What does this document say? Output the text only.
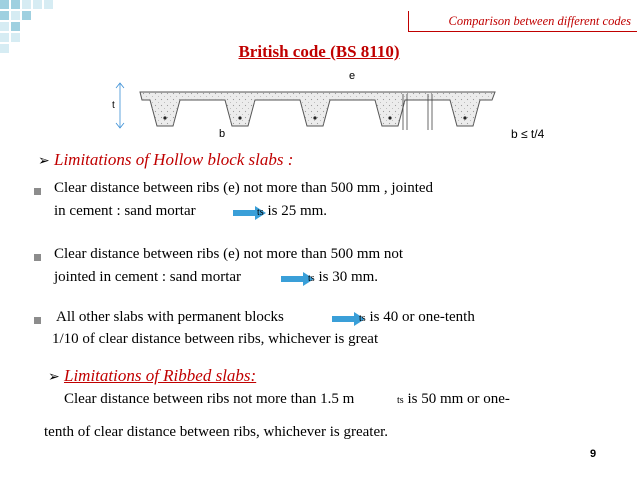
Comparison between different codes
British code (BS 8110)
e
t
b	b ≤ t/4
➢ Limitations of Hollow block slabs :
Clear distance between ribs (e) not more than 500 mm , jointed
in cement : sand mortar	ts is 25 mm.
Clear distance between ribs (e) not more than 500 mm not
jointed in cement : sand mortar	ts is 30 mm.
All other slabs with permanent blocks	ts is 40 or one-tenth
1/10 of clear distance between ribs, whichever is great
➢ Limitations of Ribbed slabs:
Clear distance between ribs not more than 1.5 m	ts is 50 mm or one-
tenth of clear distance between ribs, whichever is greater.
9
